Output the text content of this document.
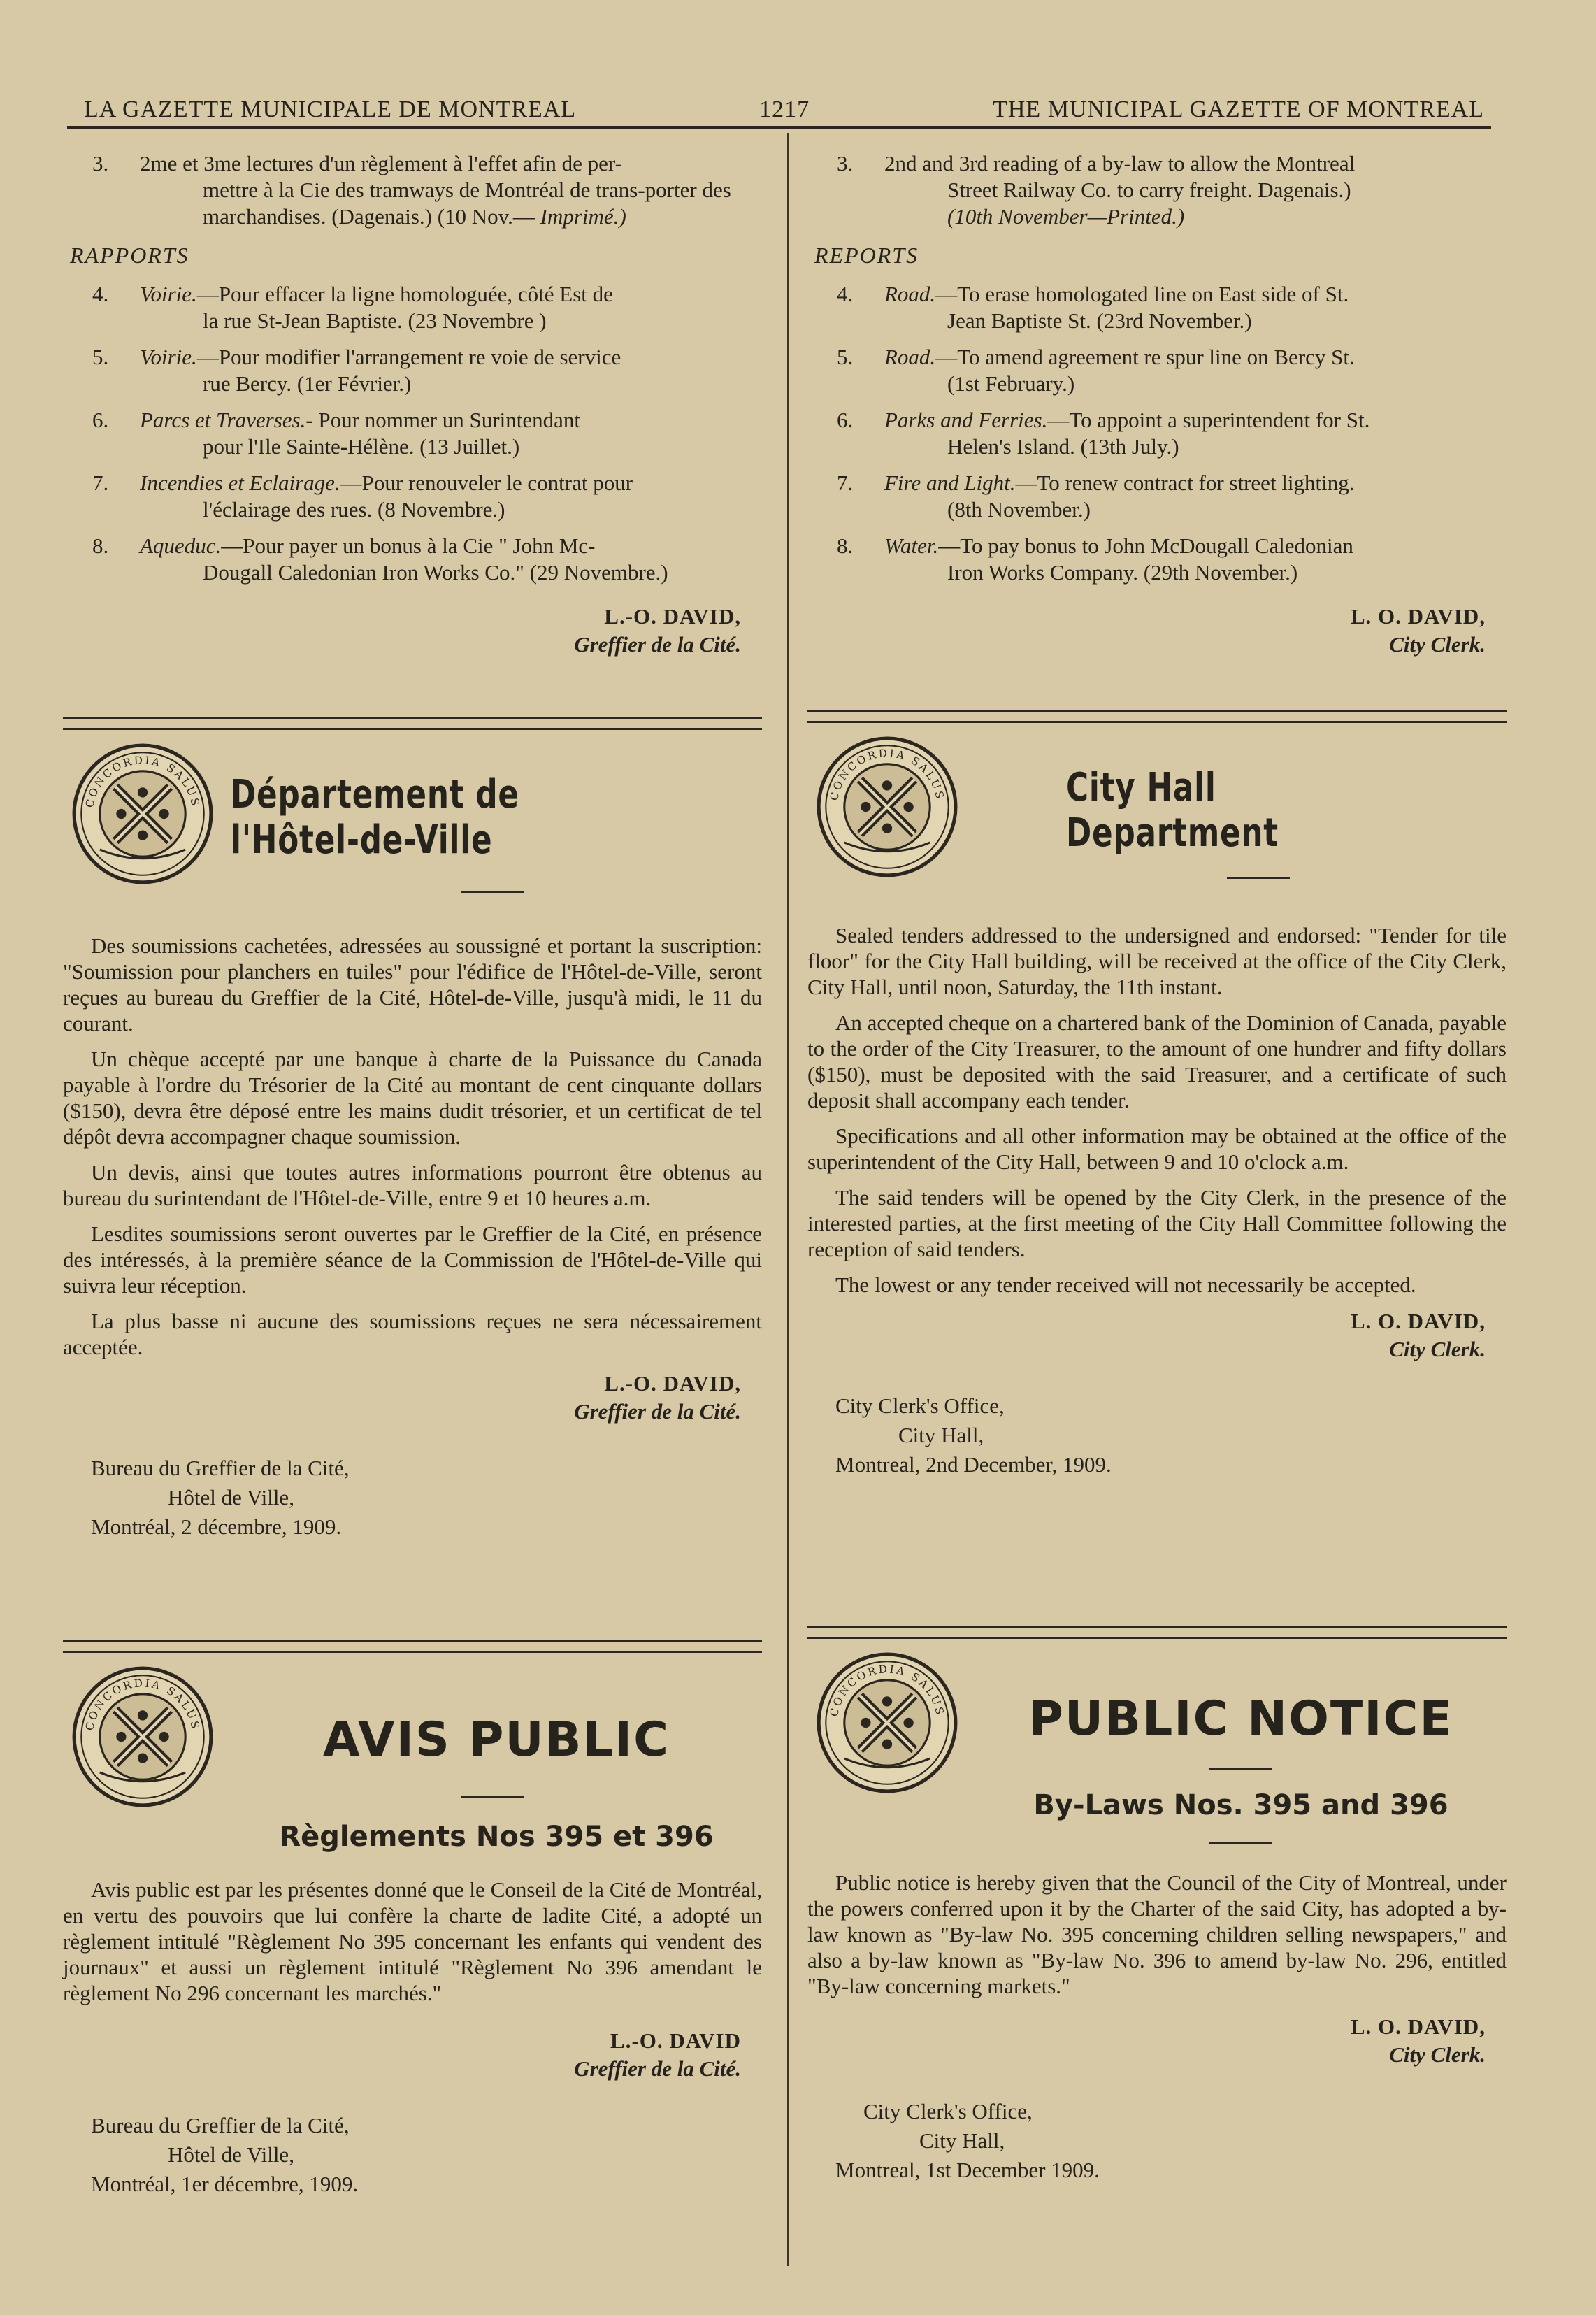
LA GAZETTE MUNICIPALE DE MONTREAL	1217	THE MUNICIPAL GAZETTE OF MONTREAL
3. 2me et 3me lectures d'un règlement à l'effet afin de per-
mettre à la Cie des tramways de Montréal de trans-porter des marchandises. (Dagenais.) (10 Nov.— Imprimé.)
RAPPORTS
4. Voirie.—Pour effacer la ligne homologuée, côté Est de
la rue St-Jean Baptiste. (23 Novembre )
5. Voirie.—Pour modifier l'arrangement re voie de service
rue Bercy. (1er Février.)
6. Parcs et Traverses.- Pour nommer un Surintendant
pour l'Ile Sainte-Hélène. (13 Juillet.)
7. Incendies et Eclairage.—Pour renouveler le contrat pour
l'éclairage des rues. (8 Novembre.)
8. Aqueduc.—Pour payer un bonus à la Cie " John Mc-
Dougall Caledonian Iron Works Co." (29 Novembre.)
L.-O. DAVID,
Greffier de la Cité.
3. 2nd and 3rd reading of a by-law to allow the Montreal
Street Railway Co. to carry freight. Dagenais.)
(10th November—Printed.)
REPORTS
4. Road.—To erase homologated line on East side of St.
Jean Baptiste St. (23rd November.)
5. Road.—To amend agreement re spur line on Bercy St.
(1st February.)
6. Parks and Ferries.—To appoint a superintendent for St.
Helen's Island. (13th July.)
7. Fire and Light.—To renew contract for street lighting.
(8th November.)
8. Water.—To pay bonus to John McDougall Caledonian
Iron Works Company. (29th November.)
L. O. DAVID,
City Clerk.
Département de l'Hôtel-de-Ville

Des soumissions cachetées, adressées au soussigné et portant la suscription: "Soumission pour planchers en tuiles" pour l'édifice de l'Hôtel-de-Ville, seront reçues au bureau du Greffier de la Cité, Hôtel-de-Ville, jusqu'à midi, le 11 du courant.

Un chèque accepté par une banque à charte de la Puissance du Canada payable à l'ordre du Trésorier de la Cité au montant de cent cinquante dollars ($150), devra être déposé entre les mains dudit trésorier, et un certificat de tel dépôt devra accompagner chaque soumission.

Un devis, ainsi que toutes autres informations pourront être obtenus au bureau du surintendant de l'Hôtel-de-Ville, entre 9 et 10 heures a.m.

Lesdites soumissions seront ouvertes par le Greffier de la Cité, en présence des intéressés, à la première séance de la Commission de l'Hôtel-de-Ville qui suivra leur réception.

La plus basse ni aucune des soumissions reçues ne sera nécessairement acceptée.

L.-O. DAVID,
Greffier de la Cité.
Bureau du Greffier de la Cité,
Hôtel de Ville,
Montréal, 2 décembre, 1909.
City Hall Department

Sealed tenders addressed to the undersigned and endorsed: "Tender for tile floor" for the City Hall building, will be received at the office of the City Clerk, City Hall, until noon, Saturday, the 11th instant.

An accepted cheque on a chartered bank of the Dominion of Canada, payable to the order of the City Treasurer, to the amount of one hundrer and fifty dollars ($150), must be deposited with the said Treasurer, and a certificate of such deposit shall accompany each tender.

Specifications and all other information may be obtained at the office of the superintendent of the City Hall, between 9 and 10 o'clock a.m.

The said tenders will be opened by the City Clerk, in the presence of the interested parties, at the first meeting of the City Hall Committee following the reception of said tenders.

The lowest or any tender received will not necessarily be accepted.

L. O. DAVID,
City Clerk.
City Clerk's Office,
City Hall,
Montreal, 2nd December, 1909.
AVIS PUBLIC
Règlements Nos 395 et 396

Avis public est par les présentes donné que le Conseil de la Cité de Montréal, en vertu des pouvoirs que lui confère la charte de ladite Cité, a adopté un règlement intitulé "Règlement No 395 concernant les enfants qui vendent des journaux" et aussi un règlement intitulé "Règlement No 396 amendant le règlement No 296 concernant les marchés."

L.-O. DAVID
Greffier de la Cité.
Bureau du Greffier de la Cité,
Hôtel de Ville,
Montréal, 1er décembre, 1909.
PUBLIC NOTICE
By-Laws Nos. 395 and 396

Public notice is hereby given that the Council of the City of Montreal, under the powers conferred upon it by the Charter of the said City, has adopted a by-law known as "By-law No. 395 concerning children selling newspapers," and also a by-law known as "By-law No. 396 to amend by-law No. 296, entitled "By-law concerning markets."

L. O. DAVID,
City Clerk.
City Clerk's Office,
City Hall,
Montreal, 1st December 1909.
